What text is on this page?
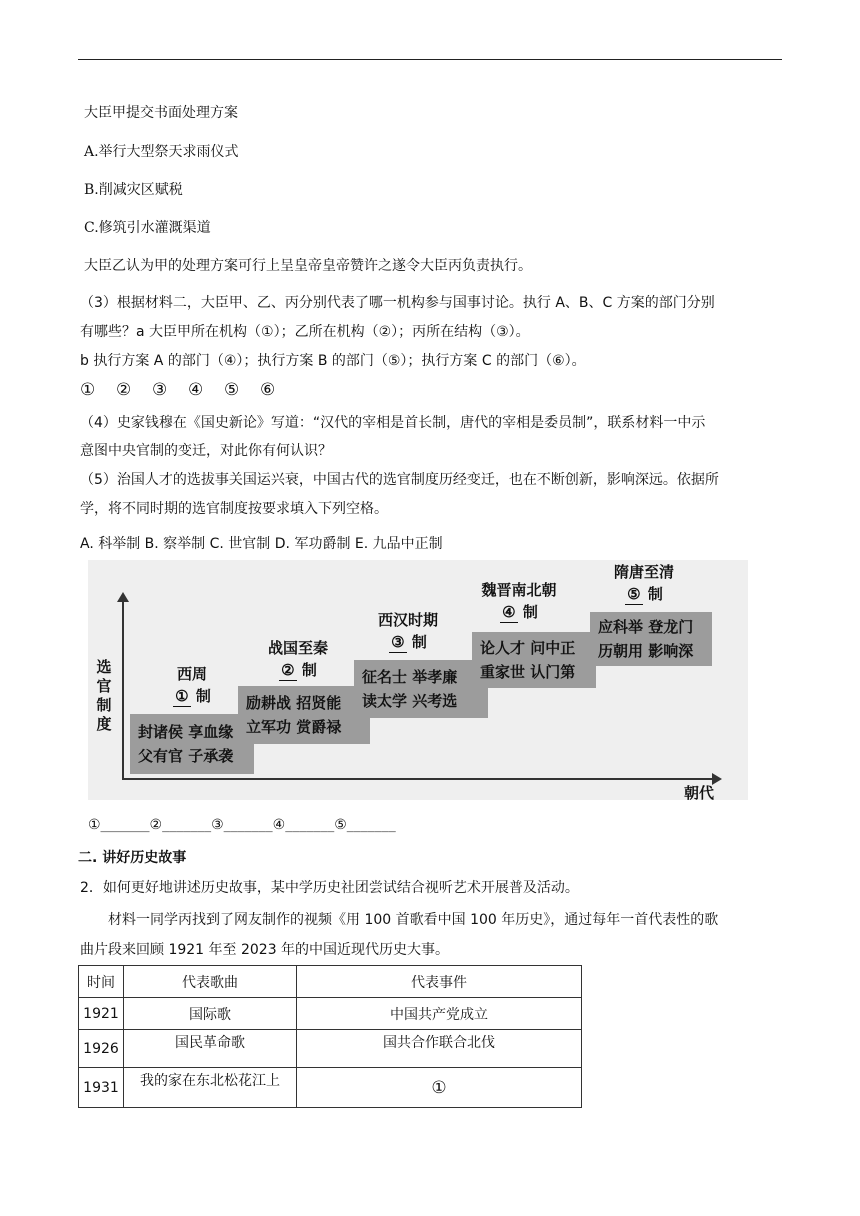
大臣甲提交书面处理方案
A.举行大型祭天求雨仪式
B.削减灾区赋税
C.修筑引水灌溉渠道
大臣乙认为甲的处理方案可行上呈皇帝皇帝赞许之遂令大臣丙负责执行。
（3）根据材料二，大臣甲、乙、丙分别代表了哪一机构参与国事讨论。执行 A、B、C 方案的部门分别
有哪些？a 大臣甲所在机构（①）；乙所在机构（②）；丙所在结构（③）。
b 执行方案 A 的部门（④）；执行方案 B 的部门（⑤）；执行方案 C 的部门（⑥）。
① ② ③ ④ ⑤ ⑥
（4）史家钱穆在《国史新论》写道：“汉代的宰相是首长制，唐代的宰相是委员制”，联系材料一中示
意图中央官制的变迁，对此你有何认识？
（5）治国人才的选拔事关国运兴衰，中国古代的选官制度历经变迁，也在不断创新，影响深远。依据所
学，将不同时期的选官制度按要求填入下列空格。
A. 科举制 B. 察举制 C. 世官制 D. 军功爵制 E. 九品中正制
选官制度
朝代
封诸侯 享血缘
父有官 子承袭
西周
① 制	励耕战 招贤能
立军功 赏爵禄
战国至秦
② 制	征名士 举孝廉
读太学 兴考选
西汉时期
③ 制	论人才 问中正
重家世 认门第
魏晋南北朝
④ 制
应科举 登龙门
历朝用 影响深
隋唐至清
⑤ 制
①_______②_______③_______④_______⑤_______
二. 讲好历史故事
2．如何更好地讲述历史故事，某中学历史社团尝试结合视听艺术开展普及活动。
材料一同学丙找到了网友制作的视频《用 100 首歌看中国 100 年历史》，通过每年一首代表性的歌
曲片段来回顾 1921 年至 2023 年的中国近现代历史大事。
时间	代表歌曲	代表事件
1921	国际歌	中国共产党成立
1926	国民革命歌	国共合作联合北伐
1931	我的家在东北松花江上	①
